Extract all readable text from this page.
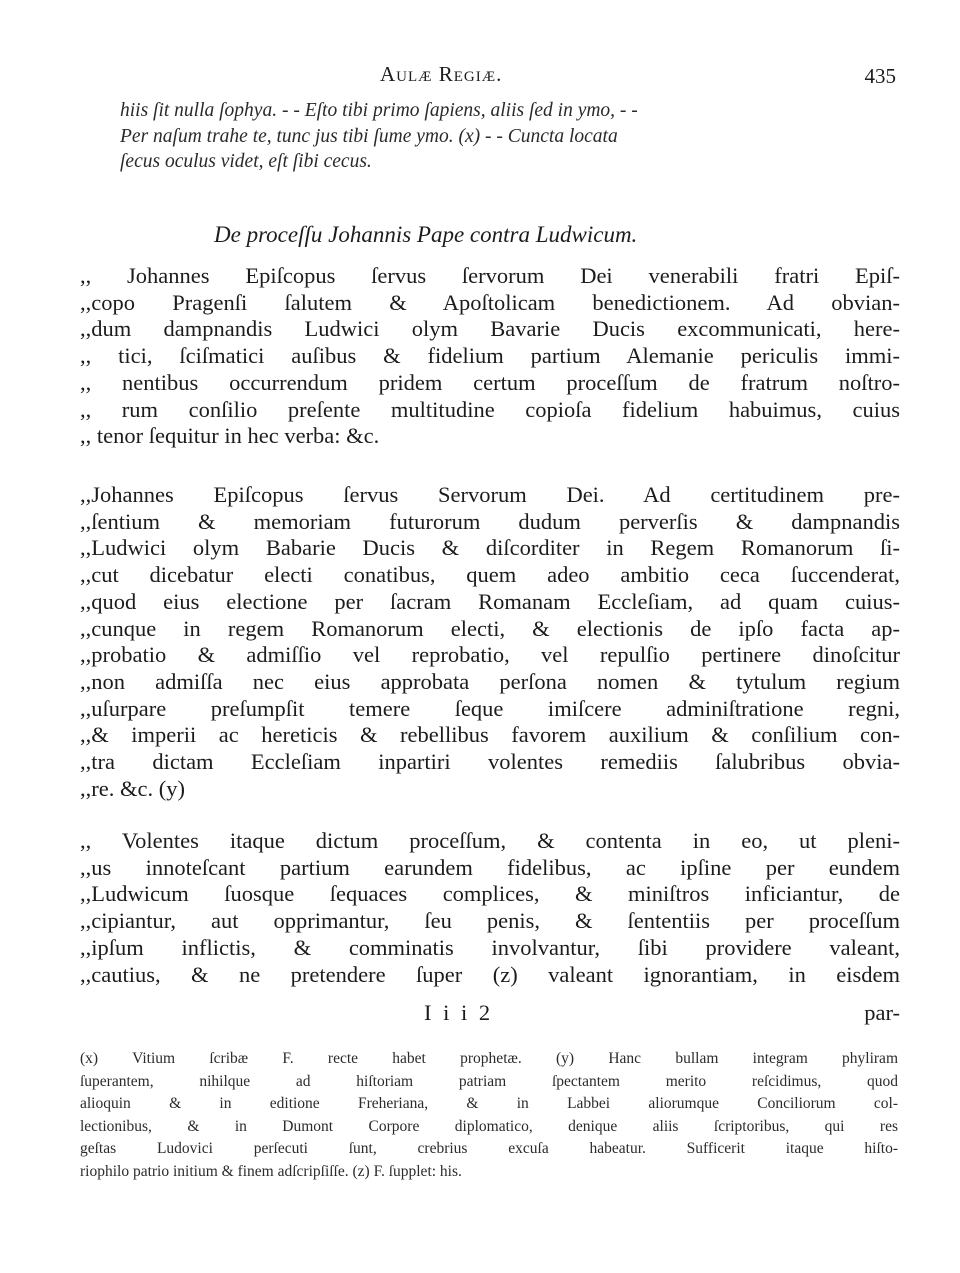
Aulæ Regiæ.	435
hiis ſit nulla ſophya. - - Eſto tibi primo ſapiens, aliis ſed in ymo, - -
Per naſum trahe te, tunc jus tibi ſume ymo. (x) - - Cuncta locata
ſecus oculus videt, eſt ſibi cecus.
De proceſſu Johannis Pape contra Ludwicum.
,, Johannes Epiſcopus ſervus ſervorum Dei venerabili fratri Epiſ-
,,copo Pragenſi ſalutem & Apoſtolicam benedictionem. Ad obvian-
,,dum dampnandis Ludwici olym Bavarie Ducis excommunicati, here-
,, tici, ſciſmatici auſibus & fidelium partium Alemanie periculis immi-
,, nentibus occurrendum pridem certum proceſſum de fratrum noſtro-
,, rum conſilio preſente multitudine copioſa fidelium habuimus, cuius
,, tenor ſequitur in hec verba: &c.
,,Johannes Epiſcopus ſervus Servorum Dei. Ad certitudinem pre-
,,ſentium & memoriam futurorum dudum perverſis & dampnandis
,,Ludwici olym Babarie Ducis & diſcorditer in Regem Romanorum ſi-
,,cut dicebatur electi conatibus, quem adeo ambitio ceca ſuccenderat,
,,quod eius electione per ſacram Romanam Eccleſiam, ad quam cuius-
,,cunque in regem Romanorum electi, & electionis de ipſo facta ap-
,,probatio & admiſſio vel reprobatio, vel repulſio pertinere dinoſcitur
,,non admiſſa nec eius approbata perſona nomen & tytulum regium
,,uſurpare preſumpſit temere ſeque imiſcere adminiſtratione regni,
,,& imperii ac hereticis & rebellibus favorem auxilium & conſilium con-
,,tra dictam Eccleſiam inpartiri volentes remediis ſalubribus obvia-
,,re. &c. (y)
,, Volentes itaque dictum proceſſum, & contenta in eo, ut pleni-
,,us innoteſcant partium earundem fidelibus, ac ipſine per eundem
,,Ludwicum ſuosque ſequaces complices, & miniſtros inficiantur, de
,,cipiantur, aut opprimantur, ſeu penis, & ſententiis per proceſſum
,,ipſum inflictis, & comminatis involvantur, ſibi providere valeant,
,,cautius, & ne pretendere ſuper (z) valeant ignorantiam, in eisdem
I i i 2	par-
(x) Vitium ſcribæ F. recte habet prophetæ. (y) Hanc bullam integram phyliram
ſuperantem, nihilque ad hiſtoriam patriam ſpectantem merito reſcidimus, quod
alioquin & in editione Freheriana, & in Labbei aliorumque Conciliorum col-
lectionibus, & in Dumont Corpore diplomatico, denique aliis ſcriptoribus, qui res
geſtas Ludovici perſecuti ſunt, crebrius excuſa habeatur. Sufficerit itaque hiſto-
riophilo patrio initium & finem adſcripſiſſe. (z) F. ſupplet: his.
